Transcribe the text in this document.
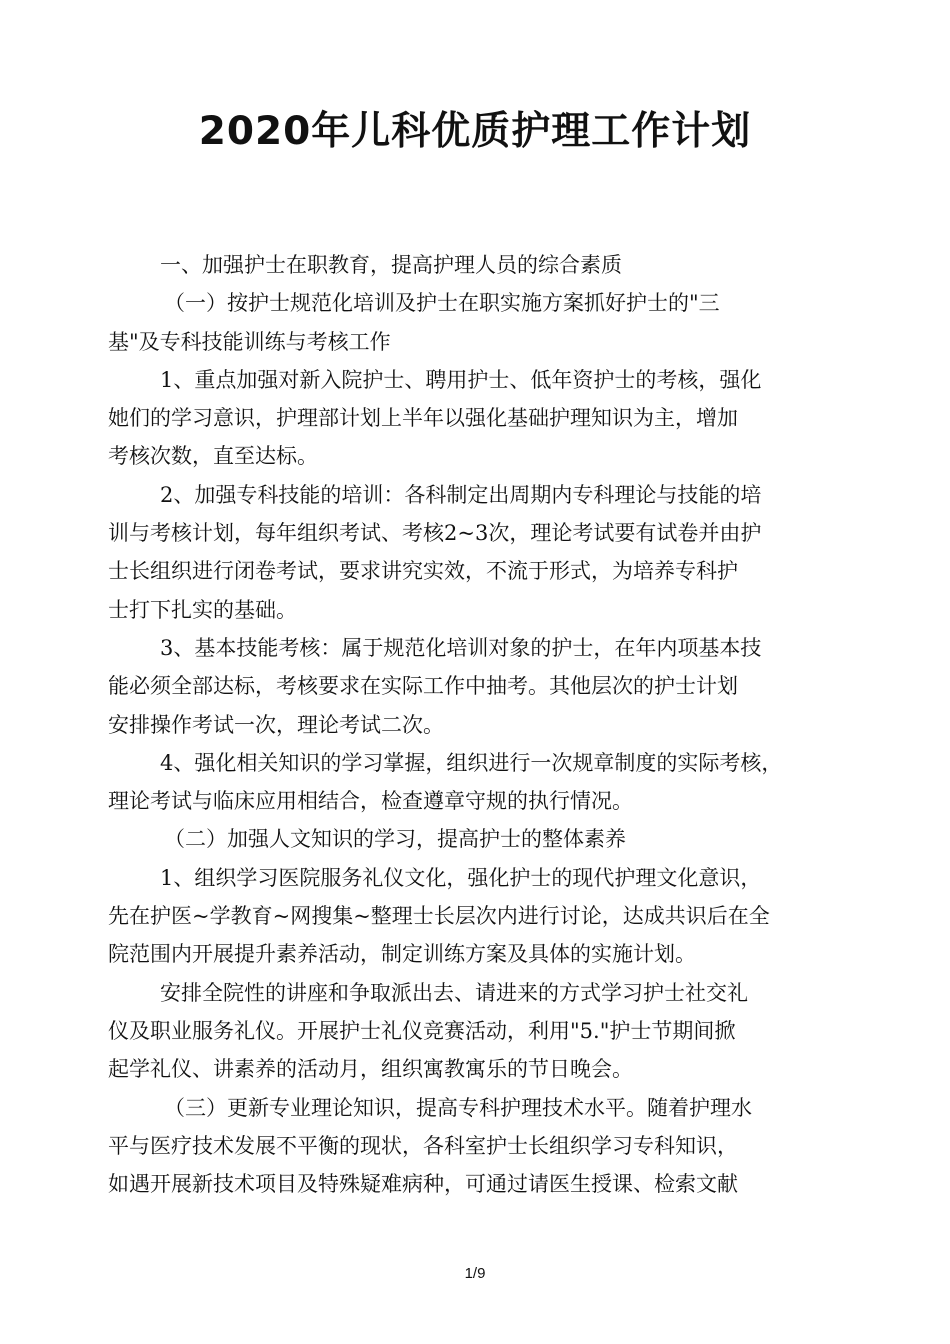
2020年儿科优质护理工作计划
一、加强护士在职教育，提高护理人员的综合素质
（一）按护士规范化培训及护士在职实施方案抓好护士的"三
基"及专科技能训练与考核工作
1、重点加强对新入院护士、聘用护士、低年资护士的考核，强化
她们的学习意识，护理部计划上半年以强化基础护理知识为主，增加
考核次数，直至达标。
2、加强专科技能的培训：各科制定出周期内专科理论与技能的培
训与考核计划，每年组织考试、考核2~3次，理论考试要有试卷并由护
士长组织进行闭卷考试，要求讲究实效，不流于形式，为培养专科护
士打下扎实的基础。
3、基本技能考核：属于规范化培训对象的护士，在年内项基本技
能必须全部达标，考核要求在实际工作中抽考。其他层次的护士计划
安排操作考试一次，理论考试二次。
4、强化相关知识的学习掌握，组织进行一次规章制度的实际考核，
理论考试与临床应用相结合，检查遵章守规的执行情况。
（二）加强人文知识的学习，提高护士的整体素养
1、组织学习医院服务礼仪文化，强化护士的现代护理文化意识，
先在护医~学教育~网搜集~整理士长层次内进行讨论，达成共识后在全
院范围内开展提升素养活动，制定训练方案及具体的实施计划。
安排全院性的讲座和争取派出去、请进来的方式学习护士社交礼
仪及职业服务礼仪。开展护士礼仪竞赛活动，利用"5."护士节期间掀
起学礼仪、讲素养的活动月，组织寓教寓乐的节日晚会。
（三）更新专业理论知识，提高专科护理技术水平。随着护理水
平与医疗技术发展不平衡的现状，各科室护士长组织学习专科知识，
如遇开展新技术项目及特殊疑难病种，可通过请医生授课、检索文献
1/9
